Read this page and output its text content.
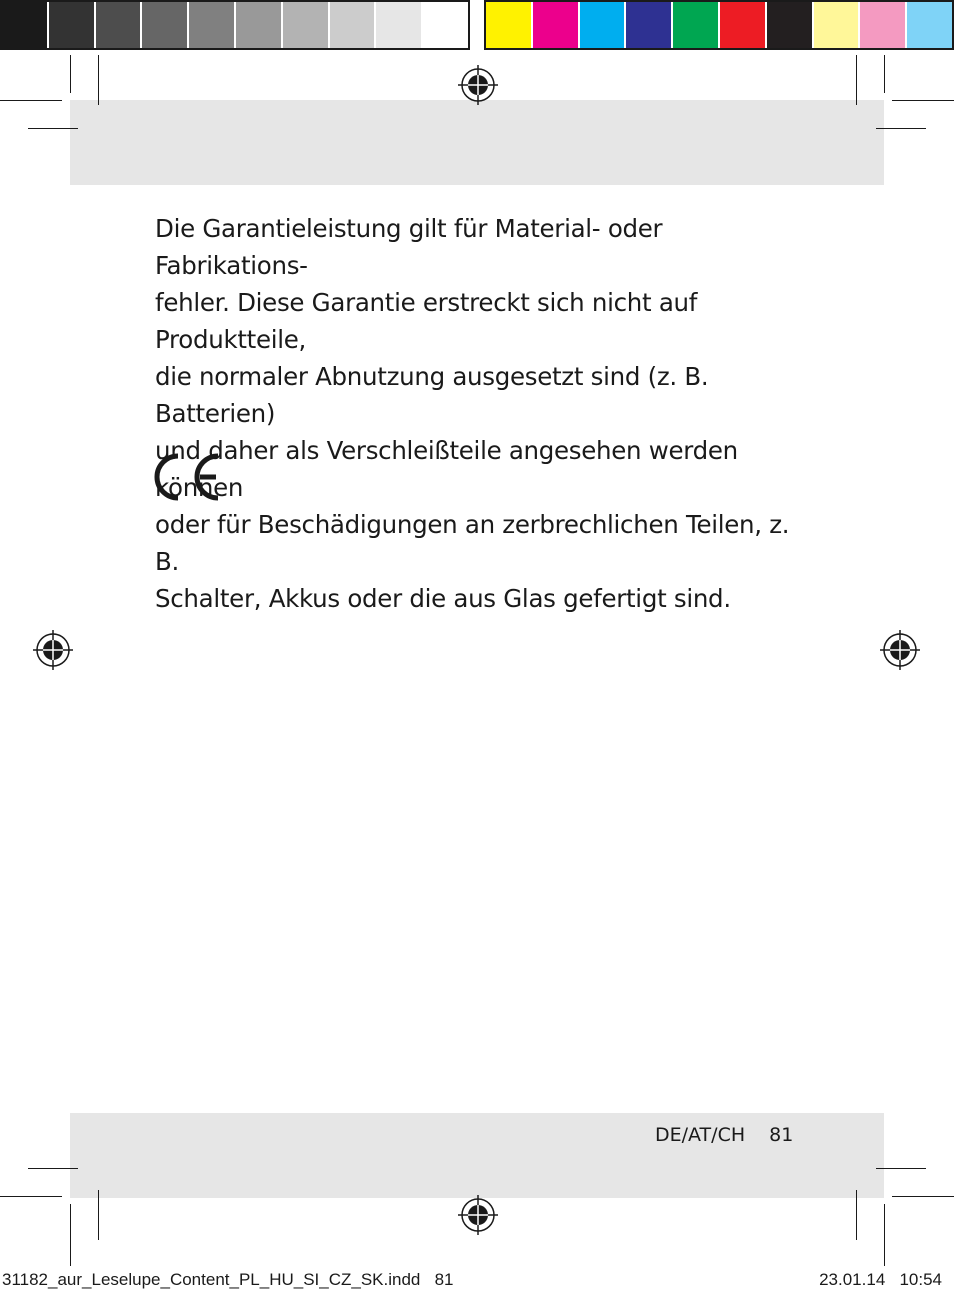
Die Garantieleistung gilt für Material- oder Fabrikations-
fehler. Diese Garantie erstreckt sich nicht auf Produktteile,
die normaler Abnutzung ausgesetzt sind (z. B. Batterien)
und daher als Verschleißteile angesehen werden können
oder für Beschädigungen an zerbrechlichen Teilen, z. B.
Schalter, Akkus oder die aus Glas gefertigt sind.

DE/AT/CH 81
31182_aur_Leselupe_Content_PL_HU_SI_CZ_SK.indd 81	23.01.14 10:54
